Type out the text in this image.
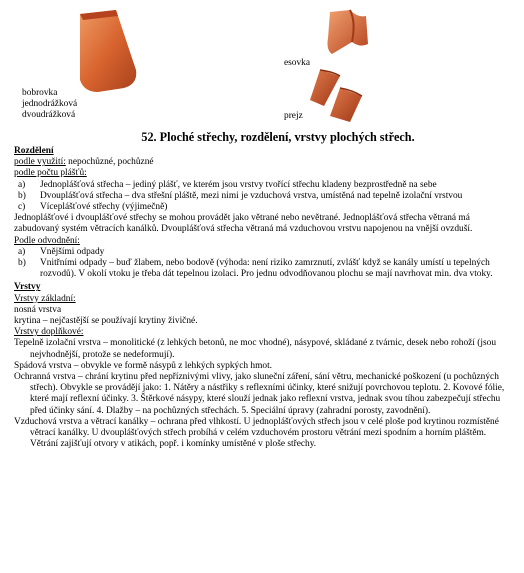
bobrovka
jednodrážková
dvoudrážková
esovka
prejz
52. Ploché střechy, rozdělení, vrstvy plochých střech.
Rozdělení
podle využití: nepochůzné, pochůzné
podle počtu plášťů:
a)	Jednoplášťová střecha – jediný plášť, ve kterém jsou vrstvy tvořící střechu kladeny bezprostředně na sebe
b)	Dvouplášťová střecha – dva střešní pláště, mezi nimi je vzduchová vrstva, umístěná nad tepelně izolační vrstvou
c)	Víceplášťové střechy (výjimečně)
Jednoplášťové i dvouplášťové střechy se mohou provádět jako větrané nebo nevětrané. Jednoplášťová střecha větraná má zabudovaný systém větracích kanálků. Dvouplášťová střecha větraná má vzduchovou vrstvu napojenou na vnější ovzduší.
Podle odvodnění:
a)	Vnějšími odpady
b)	Vnitřními odpady – buď žlabem, nebo bodově (výhoda: není riziko zamrznutí, zvlášť když se kanály umístí u tepelných rozvodů). V okolí vtoku je třeba dát tepelnou izolaci. Pro jednu odvodňovanou plochu se mají navrhovat min. dva vtoky.
Vrstvy
Vrstvy základní:
nosná vrstva
krytina – nejčastější se používají krytiny živičné.
Vrstvy doplňkové:
Tepelně izolační vrstva – monolitické (z lehkých betonů, ne moc vhodné), násypové, skládané z tvárnic, desek nebo rohoží (jsou nejvhodnější, protože se nedeformují).
Spádová vrstva – obvykle ve formě násypů z lehkých sypkých hmot.
Ochranná vrstva – chrání krytinu před nepříznivými vlivy, jako sluneční záření, sání větru, mechanické poškození (u pochůzných střech). Obvykle se provádějí jako: 1. Nátěry a nástřiky s reflexními účinky, které snižují povrchovou teplotu. 2. Kovové fólie, které mají reflexní účinky. 3. Štěrkové násypy, které slouží jednak jako reflexní vrstva, jednak svou tíhou zabezpečují střechu před účinky sání. 4. Dlažby – na pochůzných střechách. 5. Speciální úpravy (zahradní porosty, zavodnění).
Vzduchová vrstva a větrací kanálky – ochrana před vlhkostí. U jednoplášťových střech jsou v celé ploše pod krytinou rozmístěné větrací kanálky. U dvouplášťových střech probíhá v celém vzduchovém prostoru větrání mezi spodním a horním pláštěm. Větrání zajišťují otvory v atikách, popř. i komínky umístěné v ploše střechy.
